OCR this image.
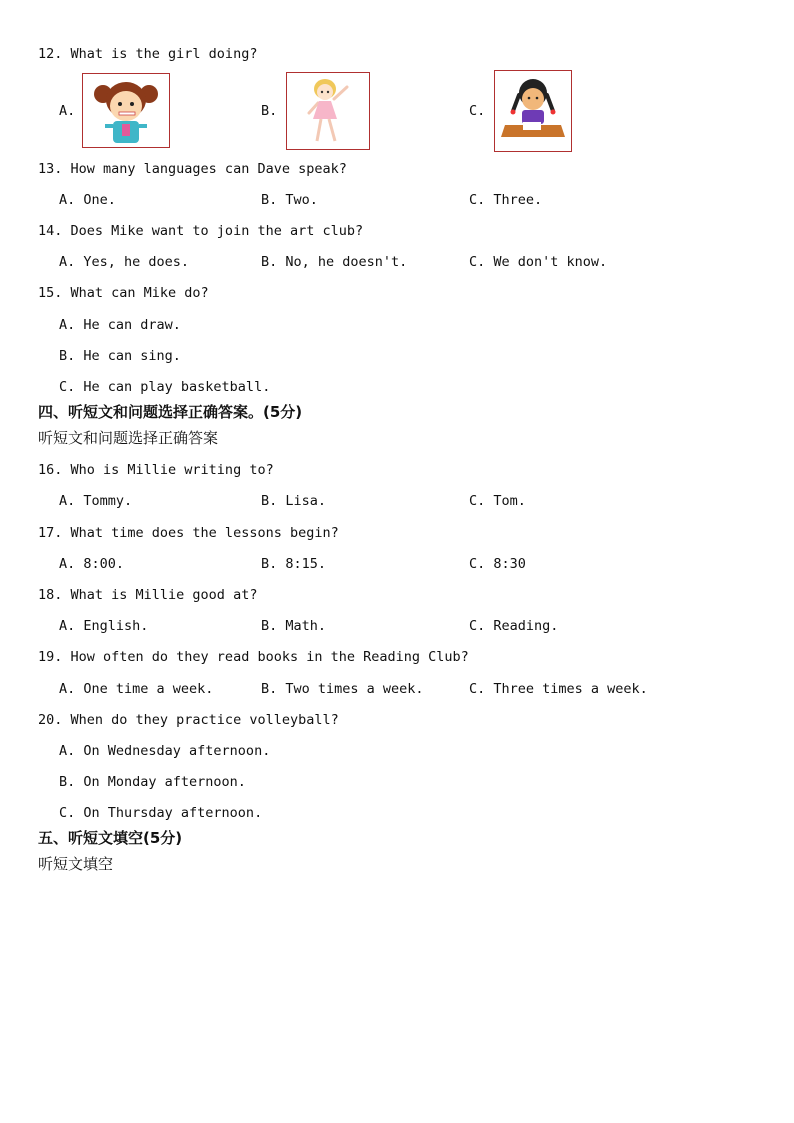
12. What is the girl doing?
A.	B.	C.
13. How many languages can Dave speak?
A. One.	B. Two.	C. Three.
14. Does Mike want to join the art club?
A. Yes, he does.	B. No, he doesn't.	C. We don't know.
15. What can Mike do?
A. He can draw.
B. He can sing.
C. He can play basketball.
四、听短文和问题选择正确答案。(5分)
听短文和问题选择正确答案
16. Who is Millie writing to?
A. Tommy.	B. Lisa.	C. Tom.
17. What time does the lessons begin?
A. 8:00.	B. 8:15.	C. 8:30
18. What is Millie good at?
A. English.	B. Math.	C. Reading.
19. How often do they read books in the Reading Club?
A. One time a week.	B. Two times a week.	C. Three times a week.
20. When do they practice volleyball?
A. On Wednesday afternoon.
B. On Monday afternoon.
C. On Thursday afternoon.
五、听短文填空(5分)
听短文填空
